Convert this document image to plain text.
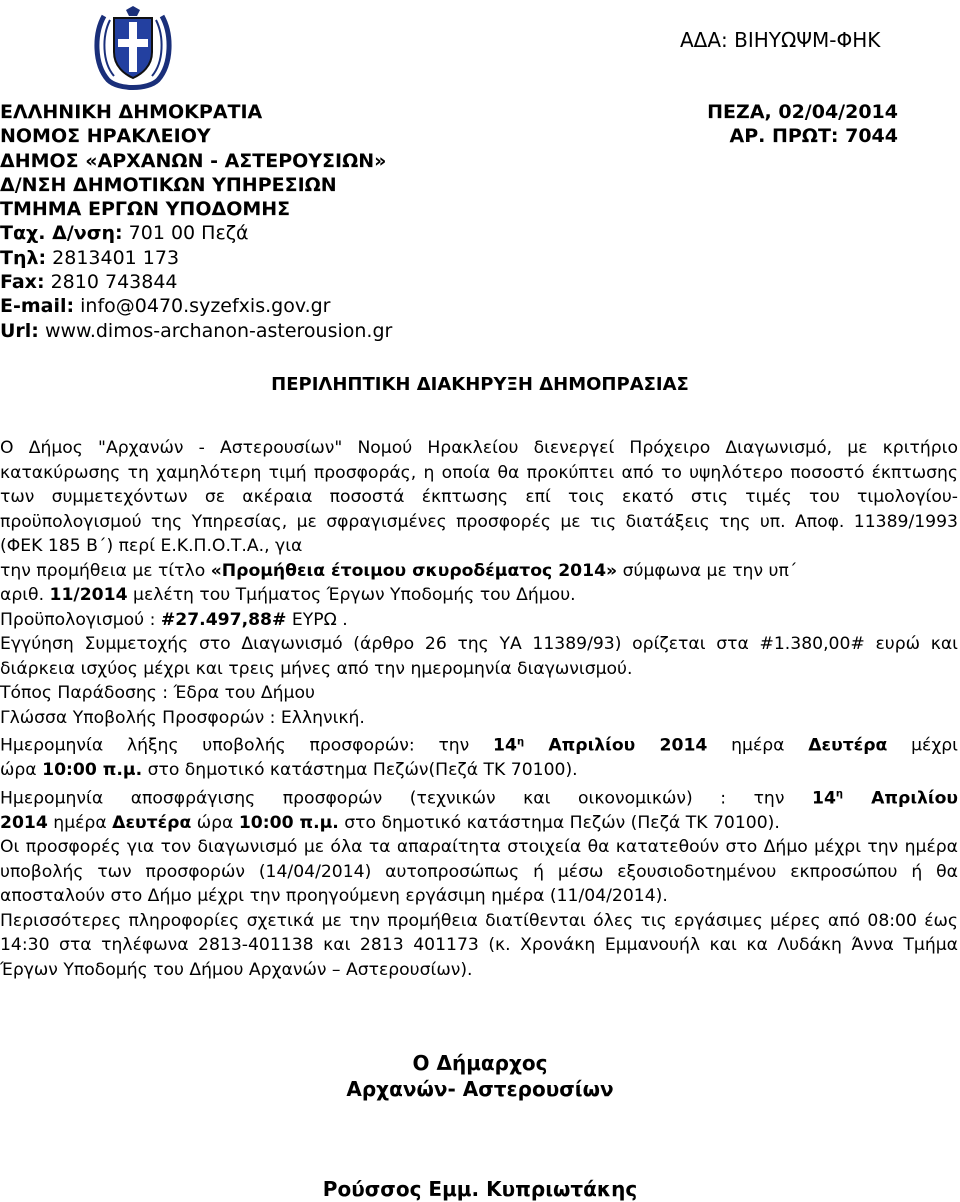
ΑΔΑ: ΒΙΗΥΩΨΜ-ΦΗΚ
ΕΛΛΗΝΙΚΗ ΔΗΜΟΚΡΑΤΙΑ	ΠΕΖΑ, 02/04/2014
ΝΟΜΟΣ ΗΡΑΚΛΕΙΟΥ	ΑΡ. ΠΡΩΤ: 7044
ΔΗΜΟΣ «ΑΡΧΑΝΩΝ - ΑΣΤΕΡΟΥΣΙΩΝ»
Δ/ΝΣΗ ΔΗΜΟΤΙΚΩΝ ΥΠΗΡΕΣΙΩΝ
ΤΜΗΜΑ ΕΡΓΩΝ ΥΠΟΔΟΜΗΣ
Ταχ. Δ/νση: 701 00 Πεζά
Τηλ: 2813401 173
Fax: 2810 743844
E-mail: info@0470.syzefxis.gov.gr
Url: www.dimos-archanon-asterousion.gr
ΠΕΡΙΛΗΠΤΙΚΗ ΔΙΑΚΗΡΥΞΗ ΔΗΜΟΠΡΑΣΙΑΣ
Ο Δήμος "Αρχανών - Αστερουσίων" Νομού Ηρακλείου διενεργεί Πρόχειρο Διαγωνισμό, με κριτήριο κατακύρωσης τη χαμηλότερη τιμή προσφοράς, η οποία θα προκύπτει από το υψηλότερο ποσοστό έκπτωσης των συμμετεχόντων σε ακέραια ποσοστά έκπτωσης επί τοις εκατό στις τιμές του τιμολογίου- προϋπολογισμού της Υπηρεσίας, με σφραγισμένες προσφορές με τις διατάξεις της υπ. Αποφ. 11389/1993 (ΦΕΚ 185 Β΄) περί Ε.Κ.Π.Ο.Τ.Α., για
την προμήθεια με τίτλο «Προμήθεια έτοιμου σκυροδέματος 2014» σύμφωνα με την υπ΄
αριθ. 11/2014 μελέτη του Τμήματος Έργων Υποδομής του Δήμου.
Προϋπολογισμού : #27.497,88# ΕΥΡΩ .
Εγγύηση Συμμετοχής στο Διαγωνισμό (άρθρο 26 της ΥΑ 11389/93) ορίζεται στα #1.380,00# ευρώ και διάρκεια ισχύος μέχρι και τρεις μήνες από την ημερομηνία διαγωνισμού.
Τόπος Παράδοσης : Έδρα του Δήμου
Γλώσσα Υποβολής Προσφορών : Ελληνική.
Ημερομηνία λήξης υποβολής προσφορών: την $14^\eta$ Απριλίου 2014 ημέρα Δευτέρα μέχρι
ώρα 10:00 π.μ. στο δημοτικό κατάστημα Πεζών(Πεζά ΤΚ 70100).
Ημερομηνία αποσφράγισης προσφορών (τεχνικών και οικονομικών) : την $14^\eta$ Απριλίου
2014 ημέρα Δευτέρα ώρα 10:00 π.μ. στο δημοτικό κατάστημα Πεζών (Πεζά ΤΚ 70100).
Οι προσφορές για τον διαγωνισμό με όλα τα απαραίτητα στοιχεία θα κατατεθούν στο Δήμο μέχρι την ημέρα υποβολής των προσφορών (14/04/2014) αυτοπροσώπως ή μέσω εξουσιοδοτημένου εκπροσώπου ή θα αποσταλούν στο Δήμο μέχρι την προηγούμενη εργάσιμη ημέρα (11/04/2014).
Περισσότερες πληροφορίες σχετικά με την προμήθεια διατίθενται όλες τις εργάσιμες μέρες από 08:00 έως 14:30 στα τηλέφωνα 2813-401138 και 2813 401173 (κ. Χρονάκη Εμμανουήλ και κα Λυδάκη Άννα Τμήμα Έργων Υποδομής του Δήμου Αρχανών – Αστερουσίων).
Ο Δήμαρχος
Αρχανών- Αστερουσίων
Ρούσσος Εμμ. Κυπριωτάκης
